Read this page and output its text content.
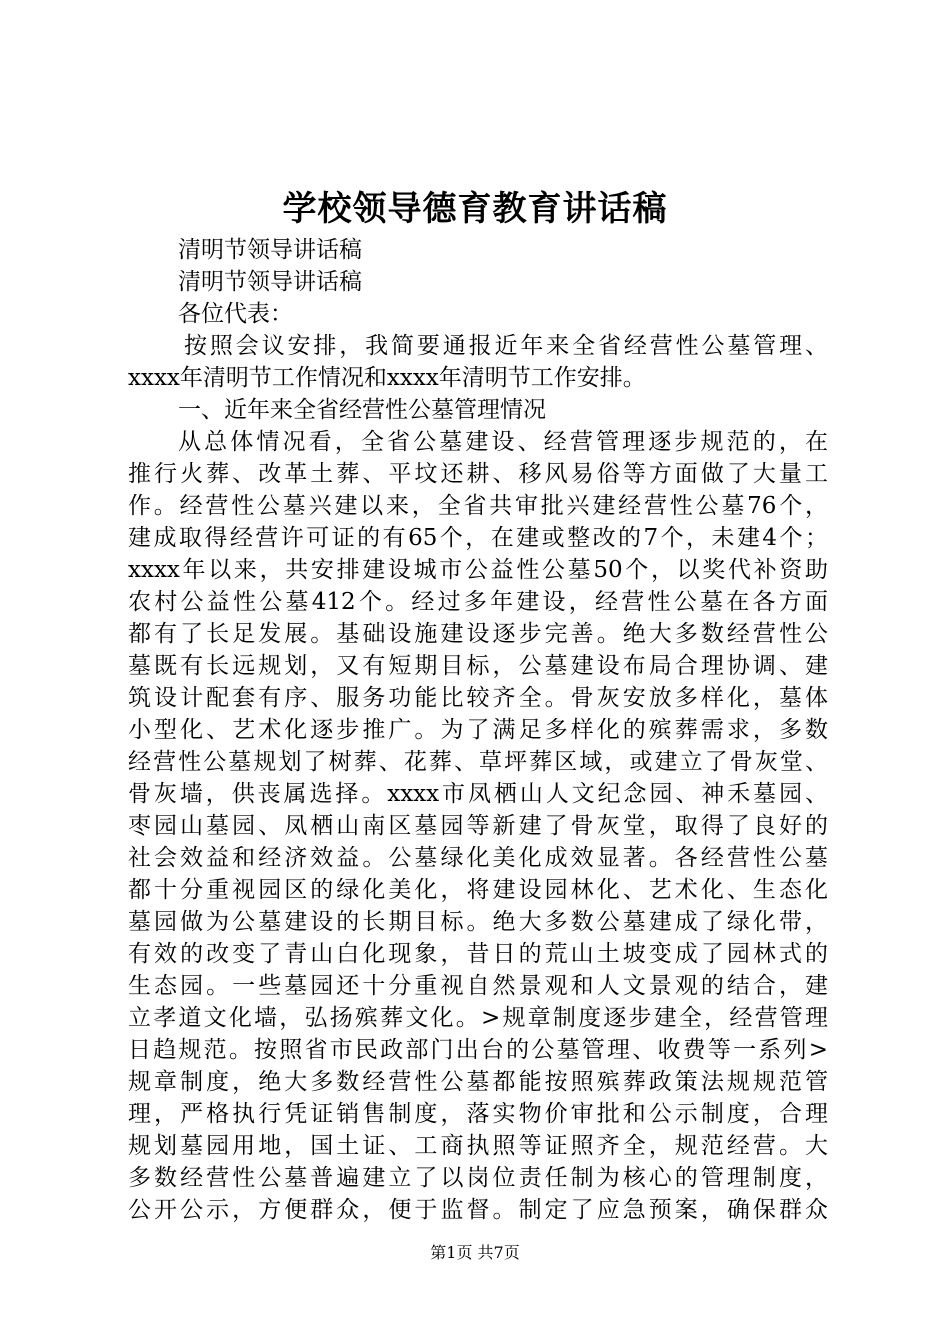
学校领导德育教育讲话稿

清明节领导讲话稿

清明节领导讲话稿

各位代表：

按照会议安排，我简要通报近年来全省经营性公墓管理、

xxxx年清明节工作情况和xxxx年清明节工作安排。

一、近年来全省经营性公墓管理情况

从总体情况看，全省公墓建设、经营管理逐步规范的，在

推行火葬、改革土葬、平坟还耕、移风易俗等方面做了大量工

作。经营性公墓兴建以来，全省共审批兴建经营性公墓76个，

建成取得经营许可证的有65个，在建或整改的7个，未建4个；

xxxx年以来，共安排建设城市公益性公墓50个，以奖代补资助

农村公益性公墓412个。经过多年建设，经营性公墓在各方面

都有了长足发展。基础设施建设逐步完善。绝大多数经营性公

墓既有长远规划，又有短期目标，公墓建设布局合理协调、建

筑设计配套有序、服务功能比较齐全。骨灰安放多样化，墓体

小型化、艺术化逐步推广。为了满足多样化的殡葬需求，多数

经营性公墓规划了树葬、花葬、草坪葬区域，或建立了骨灰堂、

骨灰墙，供丧属选择。xxxx市凤栖山人文纪念园、神禾墓园、

枣园山墓园、凤栖山南区墓园等新建了骨灰堂，取得了良好的

社会效益和经济效益。公墓绿化美化成效显著。各经营性公墓

都十分重视园区的绿化美化，将建设园林化、艺术化、生态化

墓园做为公墓建设的长期目标。绝大多数公墓建成了绿化带，

有效的改变了青山白化现象，昔日的荒山土坡变成了园林式的

生态园。一些墓园还十分重视自然景观和人文景观的结合，建

立孝道文化墙，弘扬殡葬文化。>规章制度逐步建全，经营管理

日趋规范。按照省市民政部门出台的公墓管理、收费等一系列>

规章制度，绝大多数经营性公墓都能按照殡葬政策法规规范管

理，严格执行凭证销售制度，落实物价审批和公示制度，合理

规划墓园用地，国土证、工商执照等证照齐全，规范经营。大

多数经营性公墓普遍建立了以岗位责任制为核心的管理制度，

公开公示，方便群众，便于监督。制定了应急预案，确保群众

第1页 共7页
